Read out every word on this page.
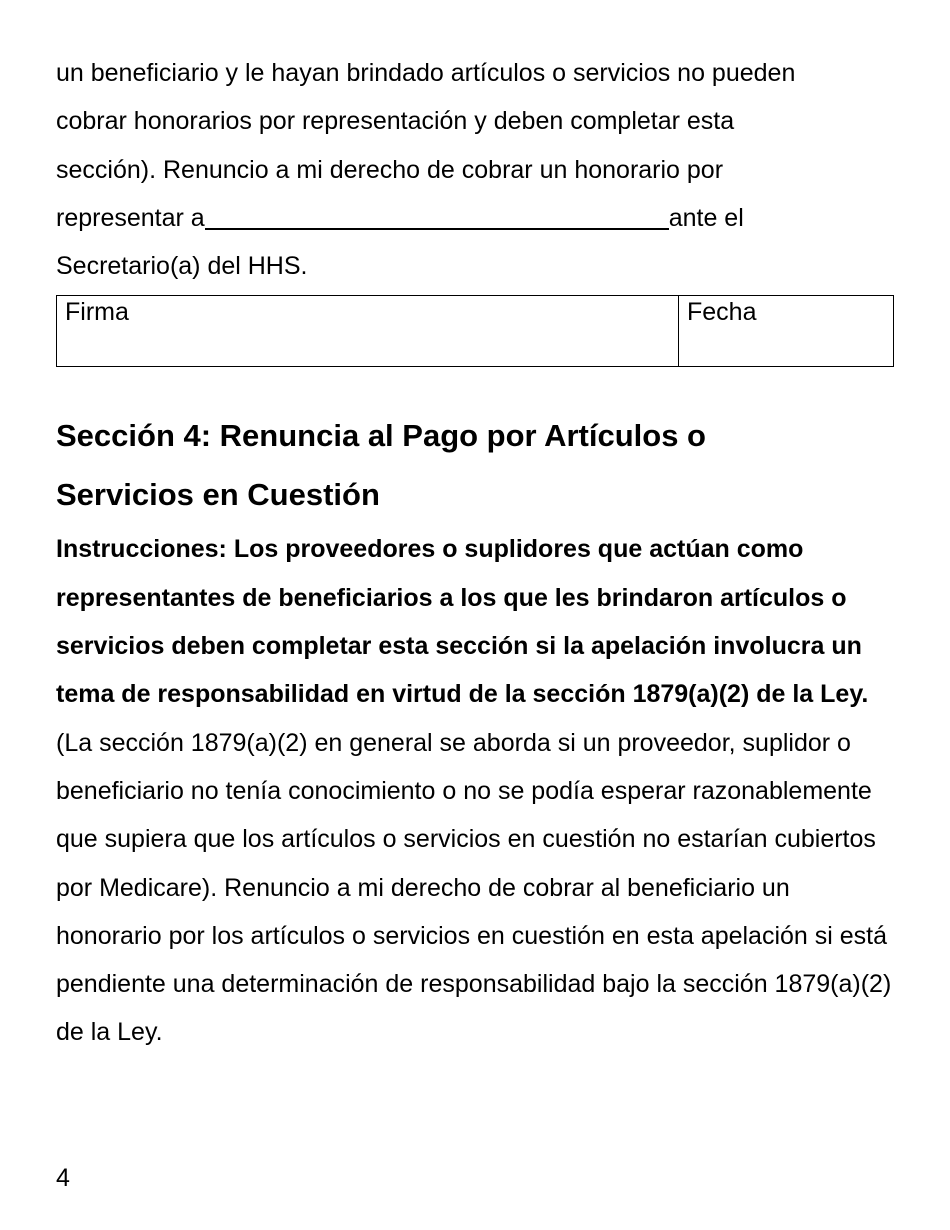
un beneficiario y le hayan brindado artículos o servicios no pueden
cobrar honorarios por representación y deben completar esta
sección). Renuncio a mi derecho de cobrar un honorario por
representar a	ante el
Secretario(a) del HHS.

Firma	Fecha
Sección 4: Renuncia al Pago por Artículos o
Servicios en Cuestión

Instrucciones: Los proveedores o suplidores que actúan como representantes de beneficiarios a los que les brindaron artículos o servicios deben completar esta sección si la apelación involucra un tema de responsabilidad en virtud de la sección 1879(a)(2) de la Ley. (La sección 1879(a)(2) en general se aborda si un proveedor, suplidor o beneficiario no tenía conocimiento o no se podía esperar razonablemente que supiera que los artículos o servicios en cuestión no estarían cubiertos por Medicare). Renuncio a mi derecho de cobrar al beneficiario un honorario por los artículos o servicios en cuestión en esta apelación si está pendiente una determinación de responsabilidad bajo la sección 1879(a)(2) de la Ley.

4
